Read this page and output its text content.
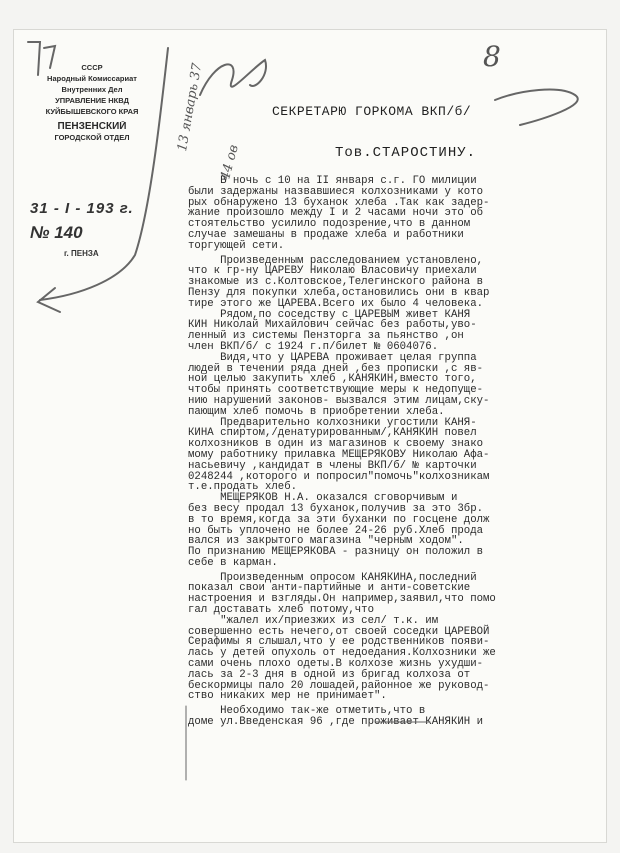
8
СССР
Народный Комиссариат
Внутренних Дел
УПРАВЛЕНИЕ НКВД
КУЙБЫШЕВСКОГО КРАЯ
ПЕНЗЕНСКИЙ
ГОРОДСКОЙ ОТДЕЛ
31 - I - 193 г.
№ 140
г. ПЕНЗА
13 январь 37
44 ов
СЕКРЕТАРЮ ГОРКОМА ВКП/б/
Тов.СТАРОСТИНУ.
В ночь с 10 на II января с.г. ГО милиции
были задержаны назвавшиеся колхозниками у кото
рых обнаружено 13 буханок хлеба .Так как задер-
жание произошло между I и 2 часами ночи это об
стоятельство усилило подозрение,что в данном
случае замешаны в продаже хлеба и работники
торгующей сети.
Произведенным расследованием установлено,
что к гр-ну ЦАРЕВУ Николаю Власовичу приехали
знакомые из с.Колтовское,Телегинского района в
Пензу для покупки хлеба,остановились они в квар
тире этого же ЦАРЕВА.Всего их было 4 человека.
Рядом,по соседству с ЦАРЕВЫМ живет КАНЯ
КИН Николай Михайлович сейчас без работы,уво-
ленный из системы Пензторга за пьянство ,он
член ВКП/б/ с 1924 г.п/билет № 0604076.
Видя,что у ЦАРЕВА проживает целая группа
людей в течении ряда дней ,без прописки ,с яв-
ной целью закупить хлеб ,КАНЯКИН,вместо того,
чтобы принять соответствующие меры к недопуще-
нию нарушений законов- вызвался этим лицам,ску-
пающим хлеб помочь в приобретении хлеба.
Предварительно колхозники угостили КАНЯ-
КИНА спиртом,/денатурированным/,КАНЯКИН повел
колхозников в один из магазинов к своему знако
мому работнику прилавка МЕЩЕРЯКОВУ Николаю Афа-
насьевичу ,кандидат в члены ВКП/б/ № карточки
0248244 ,которого и попросил"помочь"колхозникам
т.е.продать хлеб.
МЕЩЕРЯКОВ Н.А. оказался сговорчивым и
без весу продал 13 буханок,получив за это 3бр.
в то время,когда за эти буханки по госцене долж
но быть уплочено не более 24-26 руб.Хлеб прода
вался из закрытого магазина "черным ходом".
По признанию МЕЩЕРЯКОВА - разницу он положил в
себе в карман.
Произведенным опросом КАНЯКИНА,последний
показал свои анти-партийные и анти-советские
настроения и взгляды.Он например,заявил,что помо
гал доставать хлеб потому,что
"жалел их/приезжих из сел/ т.к. им
совершенно есть нечего,от своей соседки ЦАРЕВОЙ
Серафимы я слышал,что у ее родственников появи-
лась у детей опухоль от недоедания.Колхозники же
сами очень плохо одеты.В колхозе жизнь ухудши-
лась за 2-3 дня в одной из бригад колхоза от
бескормицы пало 20 лошадей,районное же руковод-
ство никаких мер не принимает".
Необходимо так-же отметить,что в
доме ул.Введенская 96 ,где проживает КАНЯКИН и
